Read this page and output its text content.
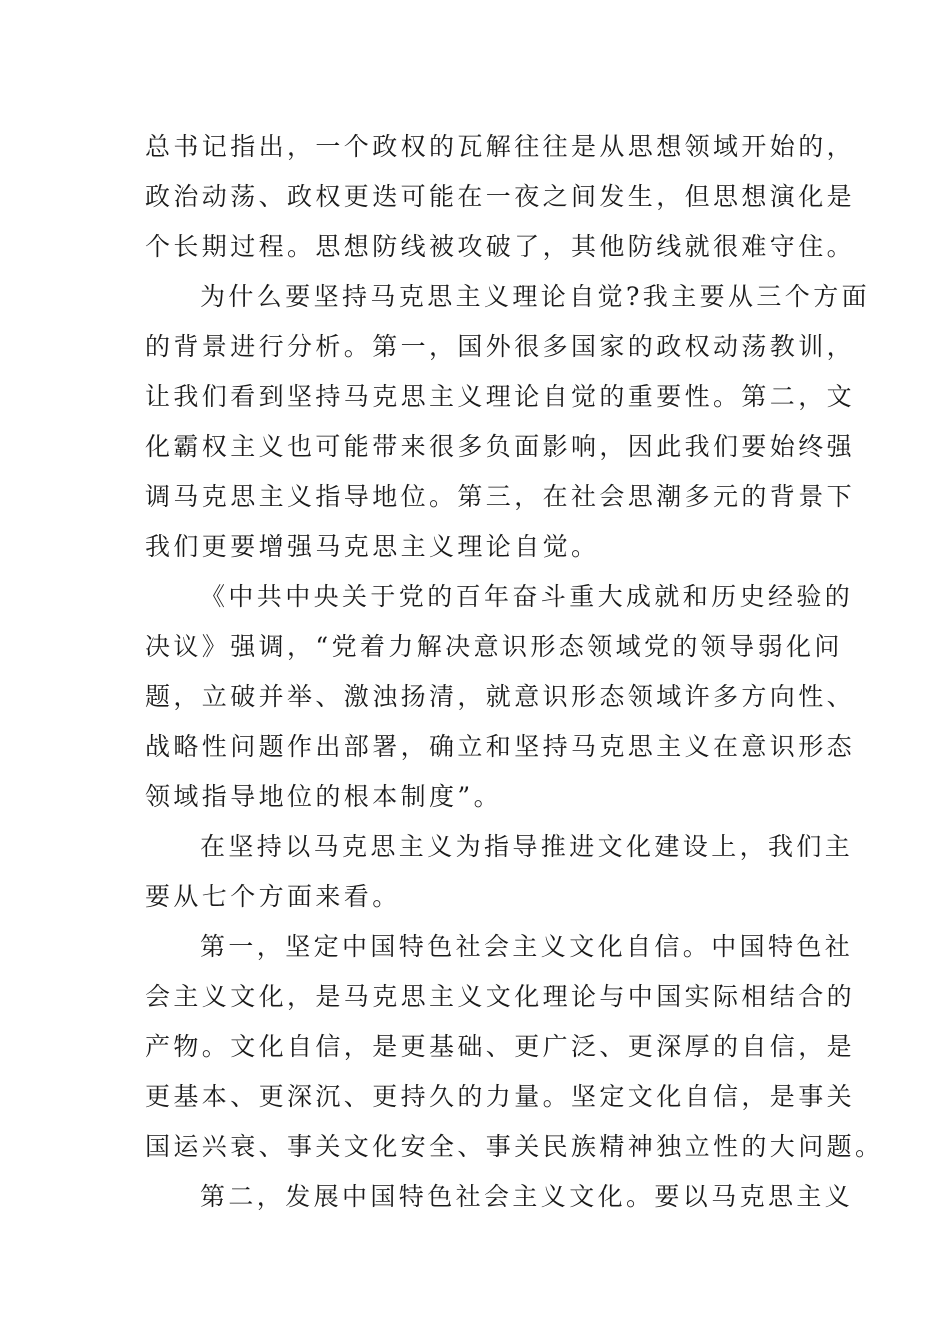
总书记指出，一个政权的瓦解往往是从思想领域开始的，
政治动荡、政权更迭可能在一夜之间发生，但思想演化是
个长期过程。思想防线被攻破了，其他防线就很难守住。
为什么要坚持马克思主义理论自觉?我主要从三个方面
的背景进行分析。第一，国外很多国家的政权动荡教训，
让我们看到坚持马克思主义理论自觉的重要性。第二，文
化霸权主义也可能带来很多负面影响，因此我们要始终强
调马克思主义指导地位。第三，在社会思潮多元的背景下
我们更要增强马克思主义理论自觉。
《中共中央关于党的百年奋斗重大成就和历史经验的
决议》强调，“党着力解决意识形态领域党的领导弱化问
题，立破并举、激浊扬清，就意识形态领域许多方向性、
战略性问题作出部署，确立和坚持马克思主义在意识形态
领域指导地位的根本制度”。
在坚持以马克思主义为指导推进文化建设上，我们主
要从七个方面来看。
第一，坚定中国特色社会主义文化自信。中国特色社
会主义文化，是马克思主义文化理论与中国实际相结合的
产物。文化自信，是更基础、更广泛、更深厚的自信，是
更基本、更深沉、更持久的力量。坚定文化自信，是事关
国运兴衰、事关文化安全、事关民族精神独立性的大问题。
第二，发展中国特色社会主义文化。要以马克思主义
